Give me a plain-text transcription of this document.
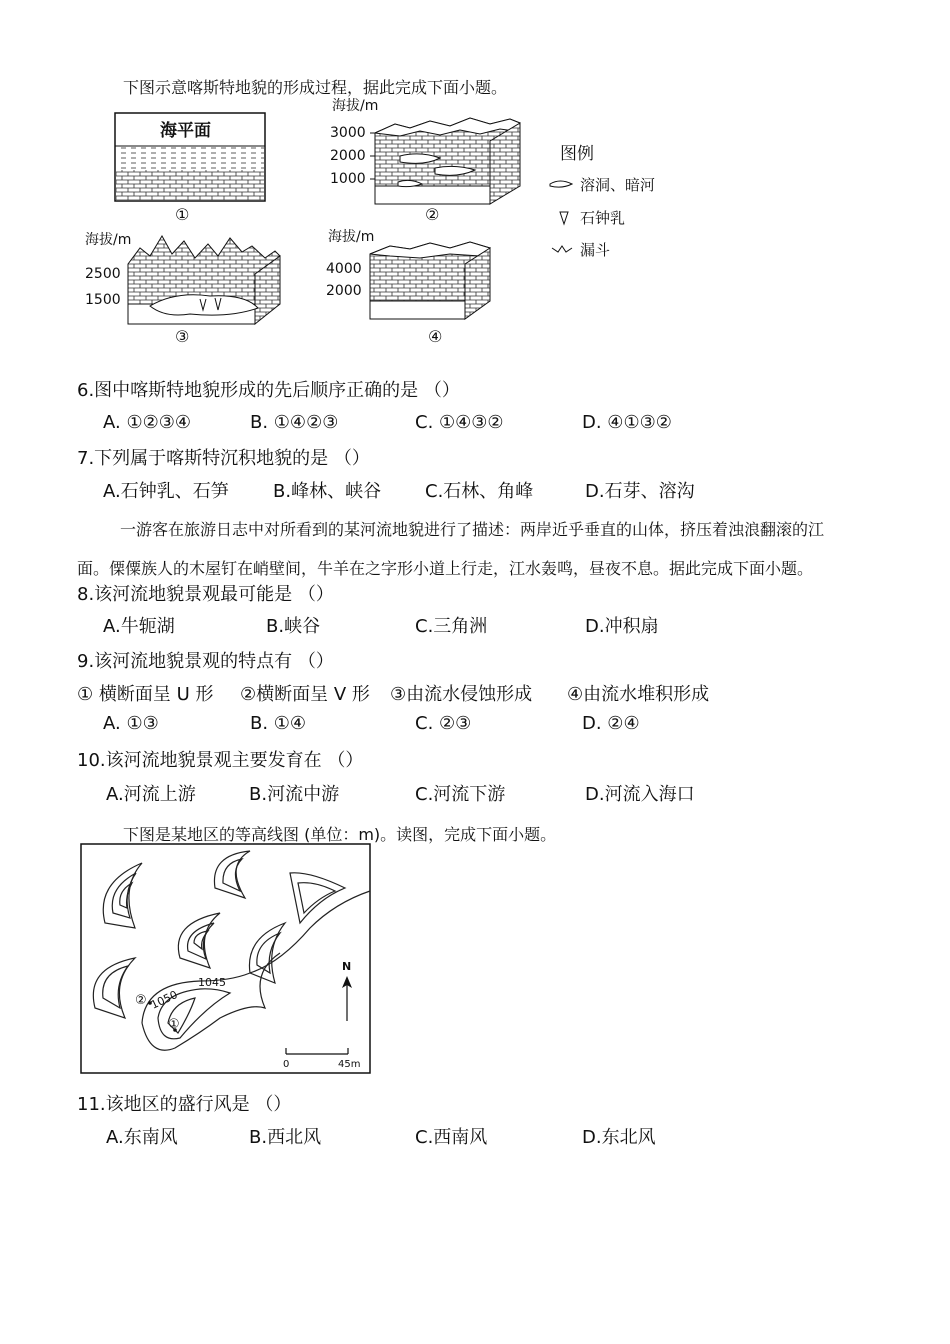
下图示意喀斯特地貌的形成过程，据此完成下面小题。
海平面
①
海拔/m
3000
2000
1000
②
图例
溶洞、暗河
石钟乳
漏斗
海拔/m
2500
1500
③
海拔/m
4000
2000
④
6.图中喀斯特地貌形成的先后顺序正确的是 （）
A. ①②③④	B. ①④②③	C. ①④③②	D. ④①③②
7.下列属于喀斯特沉积地貌的是 （）
A.石钟乳、石笋 B.峰林、峡谷 C.石林、角峰	D.石芽、溶沟
一游客在旅游日志中对所看到的某河流地貌进行了描述：两岸近乎垂直的山体，挤压着浊浪翻滚的江
面。傈僳族人的木屋钉在峭壁间，牛羊在之字形小道上行走，江水轰鸣，昼夜不息。据此完成下面小题。
8.该河流地貌景观最可能是 （）
A.牛轭湖	B.峡谷	C.三角洲	D.冲积扇
9.该河流地貌景观的特点有 （）
① 横断面呈 U 形 ②横断面呈 V 形 ③由流水侵蚀形成 ④由流水堆积形成
A. ①③	B. ①④	C. ②③	D. ②④
10.该河流地貌景观主要发育在 （）
A.河流上游	B.河流中游	C.河流下游	D.河流入海口
下图是某地区的等高线图 (单位：m)。读图，完成下面小题。
1045
1050
①
②
N
0	45m
11.该地区的盛行风是 （）
A.东南风	B.西北风	C.西南风	D.东北风
